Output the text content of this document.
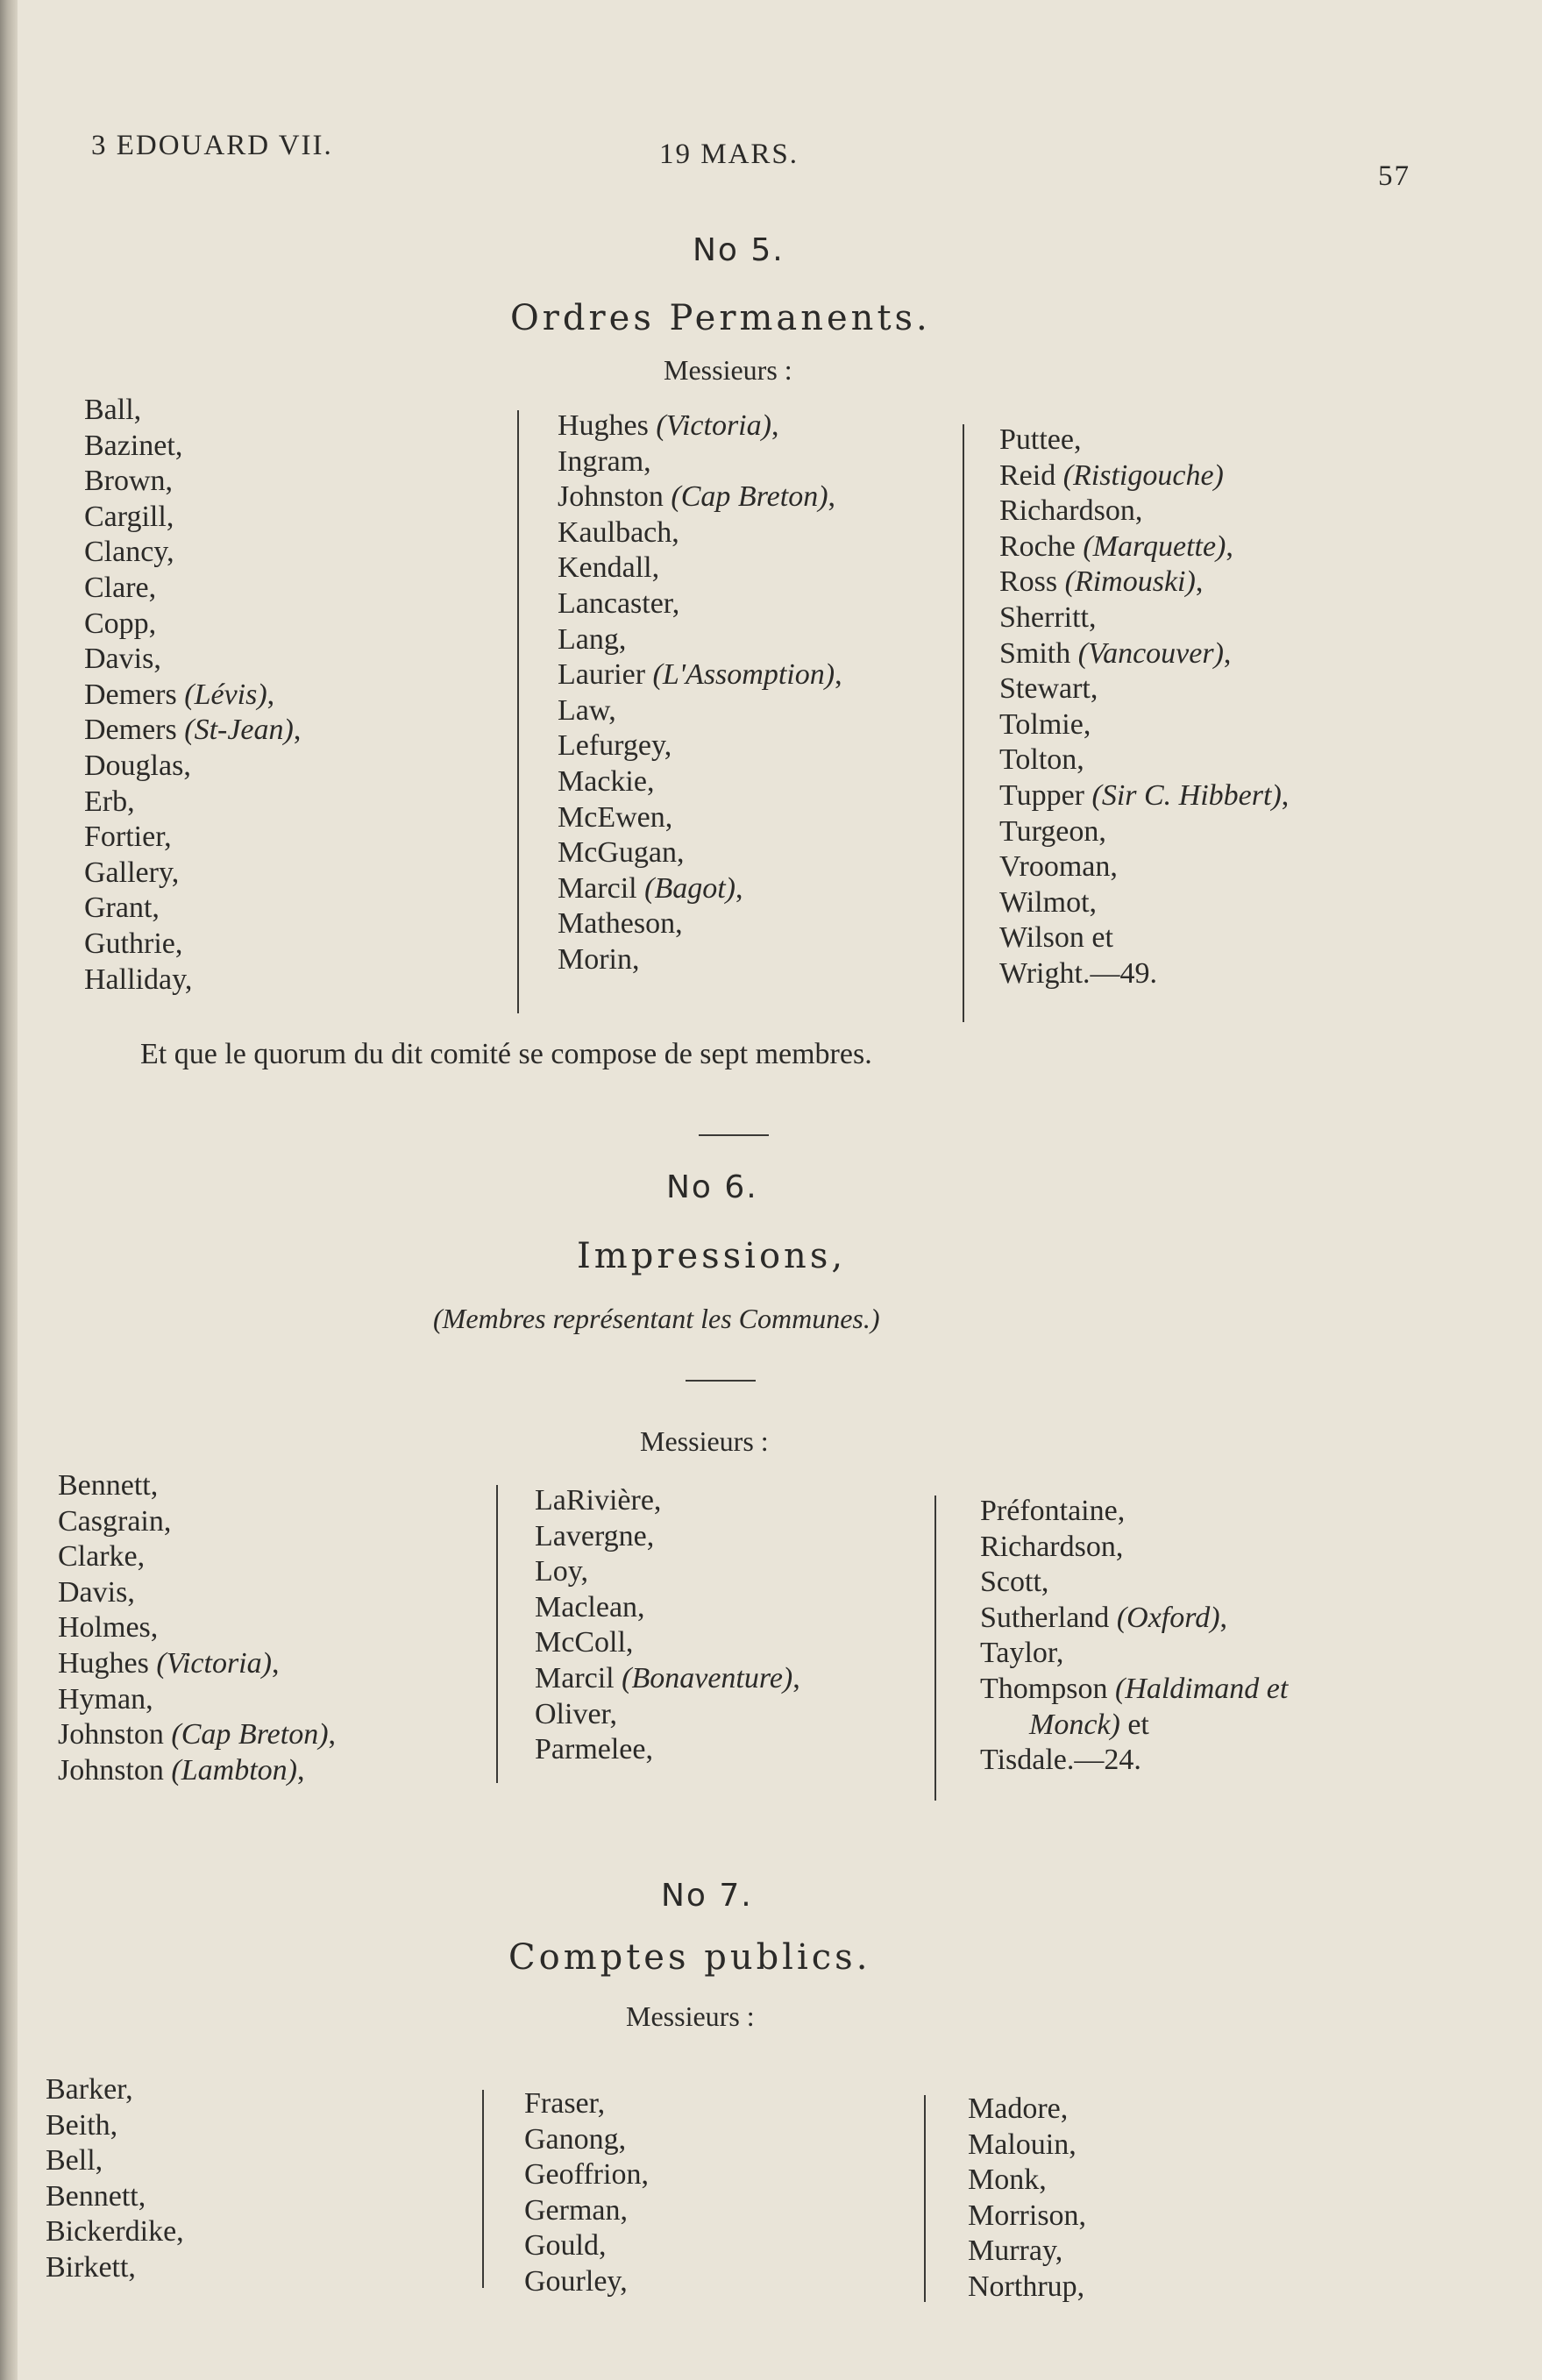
3 EDOUARD VII.	19 MARS.
57
No 5.
Ordres Permanents.
Messieurs :
Ball,
Bazinet,
Brown,
Cargill,
Clancy,
Clare,
Copp,
Davis,
Demers (Lévis),
Demers (St-Jean),
Douglas,
Erb,
Fortier,
Gallery,
Grant,
Guthrie,
Halliday,
Hughes (Victoria),
Ingram,
Johnston (Cap Breton),
Kaulbach,
Kendall,
Lancaster,
Lang,
Laurier (L'Assomption),
Law,
Lefurgey,
Mackie,
McEwen,
McGugan,
Marcil (Bagot),
Matheson,
Morin,
Puttee,
Reid (Ristigouche)
Richardson,
Roche (Marquette),
Ross (Rimouski),
Sherritt,
Smith (Vancouver),
Stewart,
Tolmie,
Tolton,
Tupper (Sir C. Hibbert),
Turgeon,
Vrooman,
Wilmot,
Wilson et
Wright.—49.
Et que le quorum du dit comité se compose de sept membres.
No 6.
Impressions,
(Membres représentant les Communes.)
Messieurs :
Bennett,
Casgrain,
Clarke,
Davis,
Holmes,
Hughes (Victoria),
Hyman,
Johnston (Cap Breton),
Johnston (Lambton),
LaRivière,
Lavergne,
Loy,
Maclean,
McColl,
Marcil (Bonaventure),
Oliver,
Parmelee,
Préfontaine,
Richardson,
Scott,
Sutherland (Oxford),
Taylor,
Thompson (Haldimand et
Monck) et
Tisdale.—24.
No 7.
Comptes publics.
Messieurs :
Barker,
Beith,
Bell,
Bennett,
Bickerdike,
Birkett,
Fraser,
Ganong,
Geoffrion,
German,
Gould,
Gourley,
Madore,
Malouin,
Monk,
Morrison,
Murray,
Northrup,
